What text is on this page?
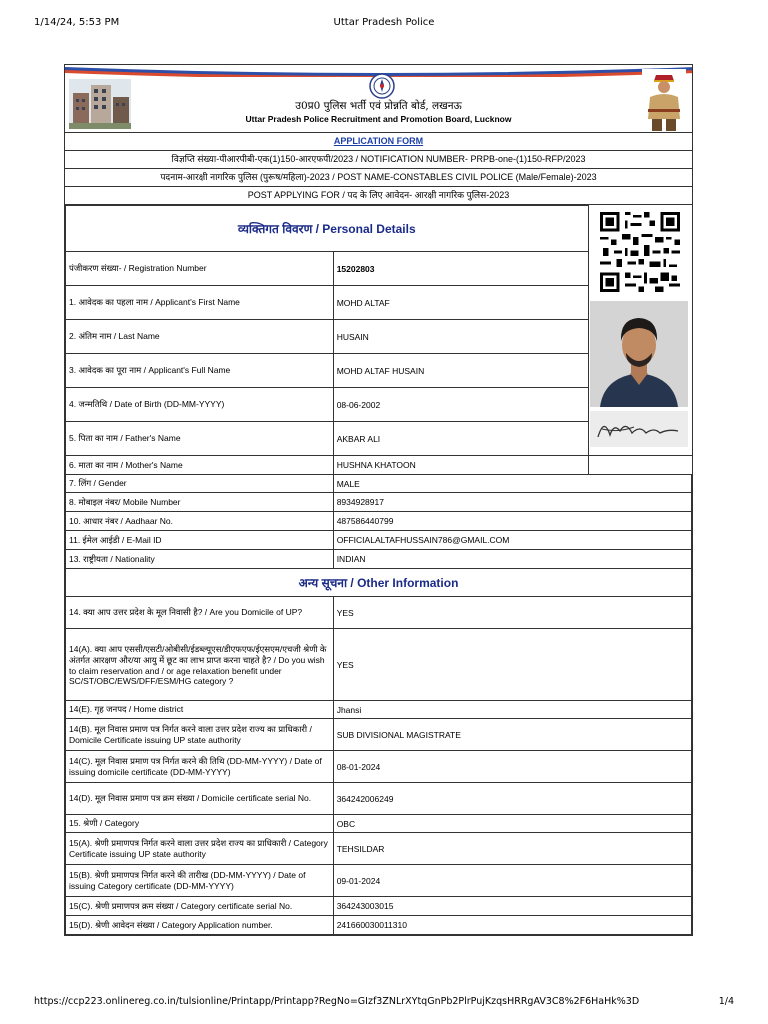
1/14/24, 5:53 PM	Uttar Pradesh Police
उ0प्र0 पुलिस भर्ती एवं प्रोन्नति बोर्ड, लखनऊ
Uttar Pradesh Police Recruitment and Promotion Board, Lucknow
APPLICATION FORM
विज्ञप्ति संख्या-पीआरपीबी-एक(1)150-आरएफपी/2023 / NOTIFICATION NUMBER- PRPB-one-(1)150-RFP/2023
पदनाम-आरक्षी नागरिक पुलिस (पुरूष/महिला)-2023 / POST NAME-CONSTABLES CIVIL POLICE (Male/Female)-2023
POST APPLYING FOR / पद के लिए आवेदन- आरक्षी नागरिक पुलिस-2023
व्यक्तिगत विवरण / Personal Details		
पंजीकरण संख्या- / Registration Number	15202803	
1. आवेदक का पहला नाम / Applicant's First Name	MOHD ALTAF	
2. अंतिम नाम / Last Name	HUSAIN	
3. आवेदक का पूरा नाम / Applicant's Full Name	MOHD ALTAF HUSAIN	
4. जन्मतिथि / Date of Birth (DD-MM-YYYY)	08-06-2002	
5. पिता का नाम / Father's Name	AKBAR ALI	
6. माता का नाम / Mother's Name	HUSHNA KHATOON	
7. लिंग / Gender	MALE	
8. मोबाइल नंबर/ Mobile Number	8934928917	
10. आधार नंबर / Aadhaar No.	487586440799	
11. ईमेल आईडी / E-Mail ID	OFFICIALALTAFHUSSAIN786@GMAIL.COM	
13. राष्ट्रीयता / Nationality	INDIAN	
अन्य सूचना / Other Information		
14. क्या आप उत्तर प्रदेश के मूल निवासी है? / Are you Domicile of UP?	YES	
14(A). क्या आप एससी/एसटी/ओबीसी/ईडब्ल्यूएस/डीएफएफ/ईएसएम/एचजी श्रेणी के अंतर्गत आरक्षण और/या आयु में छूट का लाभ प्राप्त करना चाहते है? / Do you wish to claim reservation and / or age relaxation benefit under SC/ST/OBC/EWS/DFF/ESM/HG category ?	YES	
14(E). गृह जनपद / Home district	Jhansi	
14(B). मूल निवास प्रमाण पत्र निर्गत करने वाला उत्तर प्रदेश राज्य का प्राधिकारी / Domicile Certificate issuing UP state authority	SUB DIVISIONAL MAGISTRATE	
14(C). मूल निवास प्रमाण पत्र निर्गत करने की तिथि (DD-MM-YYYY) / Date of issuing domicile certificate (DD-MM-YYYY)	08-01-2024	
14(D). मूल निवास प्रमाण पत्र क्रम संख्या / Domicile certificate serial No.	364242006249	
15. श्रेणी / Category	OBC	
15(A). श्रेणी प्रमाणपत्र निर्गत करने वाला उत्तर प्रदेश राज्य का प्राधिकारी / Category Certificate issuing UP state authority	TEHSILDAR	
15(B). श्रेणी प्रमाणपत्र निर्गत करने की तारीख (DD-MM-YYYY) / Date of issuing Category certificate (DD-MM-YYYY)	09-01-2024	
15(C). श्रेणी प्रमाणपत्र क्रम संख्या / Category certificate serial No.	364243003015	
15(D). श्रेणी आवेदन संख्या / Category Application number.	241660030011310	
https://ccp223.onlinereg.co.in/tulsionline/Printapp/Printapp?RegNo=GIzf3ZNLrXYtqGnPb2PlrPujKzqsHRRgAV3C8%2F6HaHk%3D	1/4
